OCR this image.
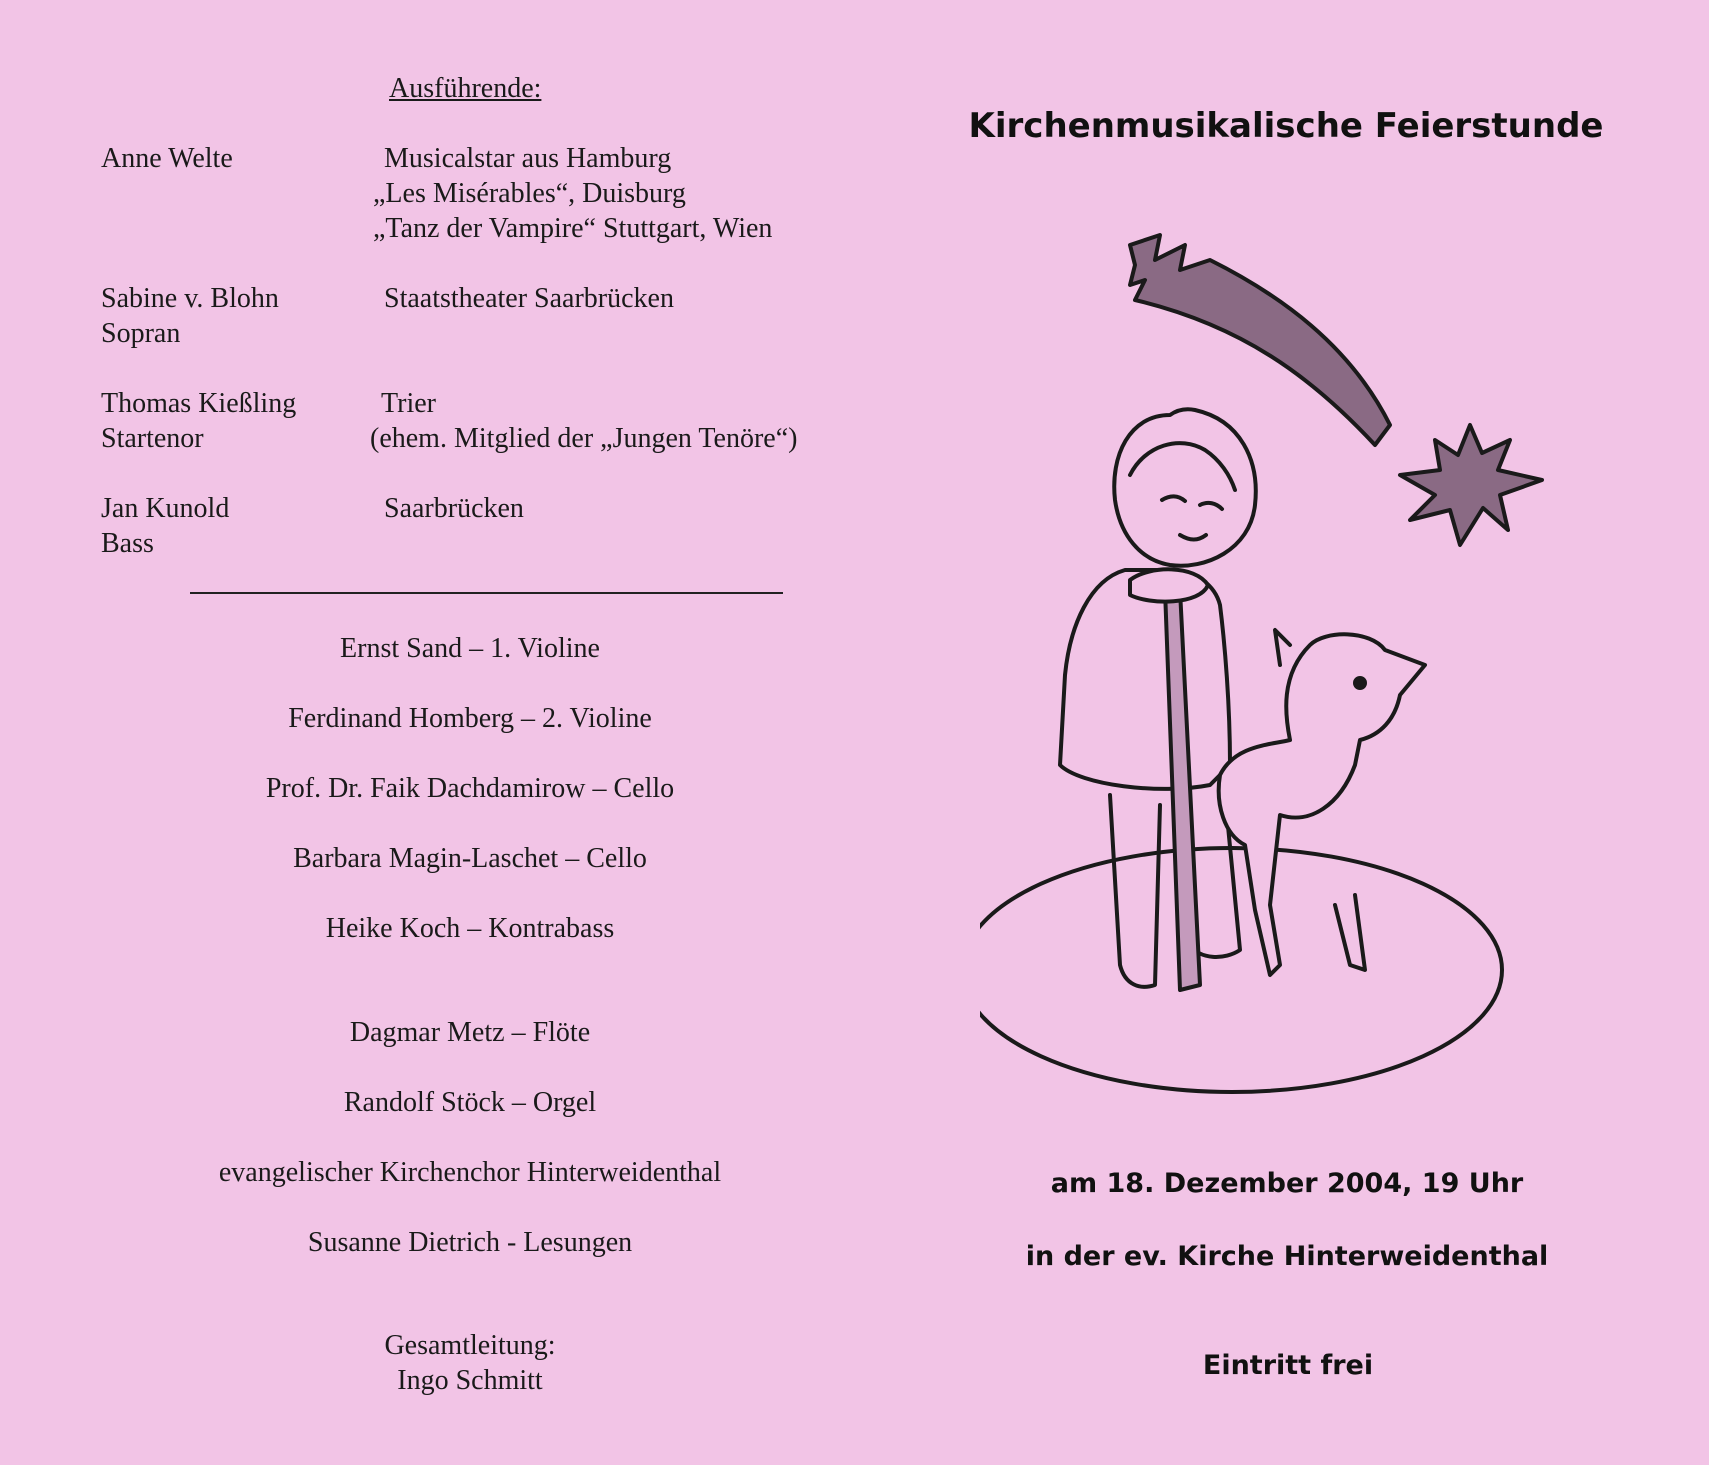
Ausführende:
Anne Welte	Musicalstar aus Hamburg
„Les Misérables“, Duisburg
„Tanz der Vampire“ Stuttgart, Wien
Sabine v. Blohn
Sopran
Staatstheater Saarbrücken
Thomas Kießling
Startenor
Trier
(ehem. Mitglied der „Jungen Tenöre“)
Jan Kunold
Bass
Saarbrücken
Ernst Sand – 1. Violine
Ferdinand Homberg – 2. Violine
Prof. Dr. Faik Dachdamirow – Cello
Barbara Magin-Laschet – Cello
Heike Koch – Kontrabass
Dagmar Metz – Flöte
Randolf Stöck – Orgel
evangelischer Kirchenchor Hinterweidenthal
Susanne Dietrich - Lesungen
Gesamtleitung:
Ingo Schmitt
Kirchenmusikalische Feierstunde
am 18. Dezember 2004, 19 Uhr
in der ev. Kirche Hinterweidenthal
Eintritt frei
